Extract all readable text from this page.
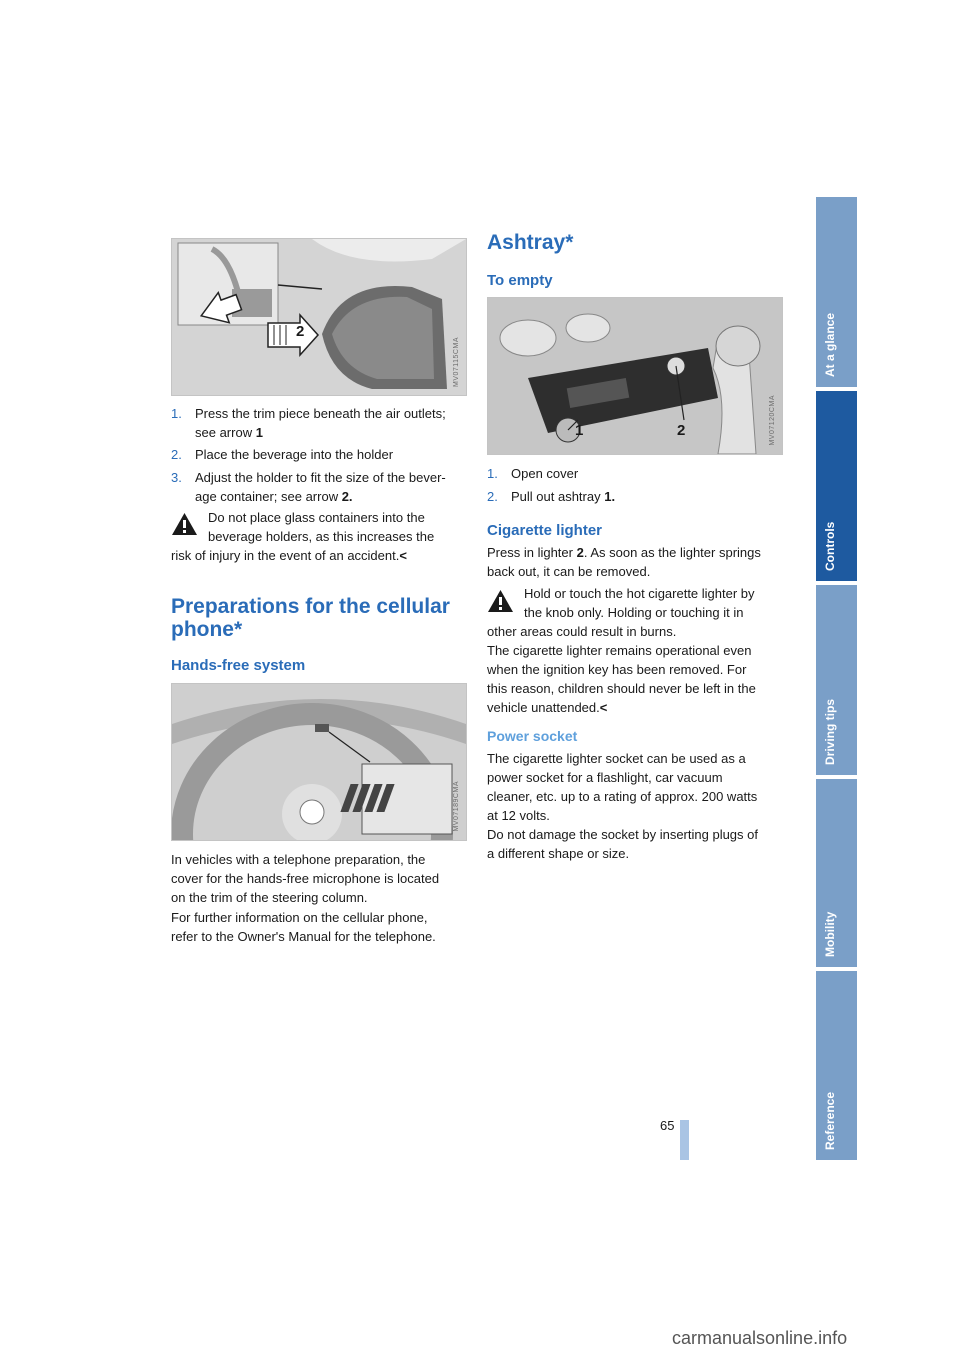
2
MV07115CMA
1. Press the trim piece beneath the air outlets;
see arrow 1
2. Place the beverage into the holder
3. Adjust the holder to fit the size of the bever-
age container; see arrow 2.
Do not place glass containers into the
beverage holders, as this increases the
risk of injury in the event of an accident.<
Preparations for the cellular
phone*
Hands-free system
MV07189CMA
In vehicles with a telephone preparation, the
cover for the hands-free microphone is located
on the trim of the steering column.
For further information on the cellular phone,
refer to the Owner's Manual for the telephone.
Ashtray*
To empty
1	2	MV07120CMA
1. Open cover
2. Pull out ashtray 1.
Cigarette lighter
Press in lighter 2. As soon as the lighter springs
back out, it can be removed.
Hold or touch the hot cigarette lighter by
the knob only. Holding or touching it in
other areas could result in burns.
The cigarette lighter remains operational even
when the ignition key has been removed. For
this reason, children should never be left in the
vehicle unattended.<
Power socket
The cigarette lighter socket can be used as a
power socket for a flashlight, car vacuum
cleaner, etc. up to a rating of approx. 200 watts
at 12 volts.
Do not damage the socket by inserting plugs of
a different shape or size.
At a glance
Controls
Driving tips
Mobility
Reference
65
carmanualsonline.info
